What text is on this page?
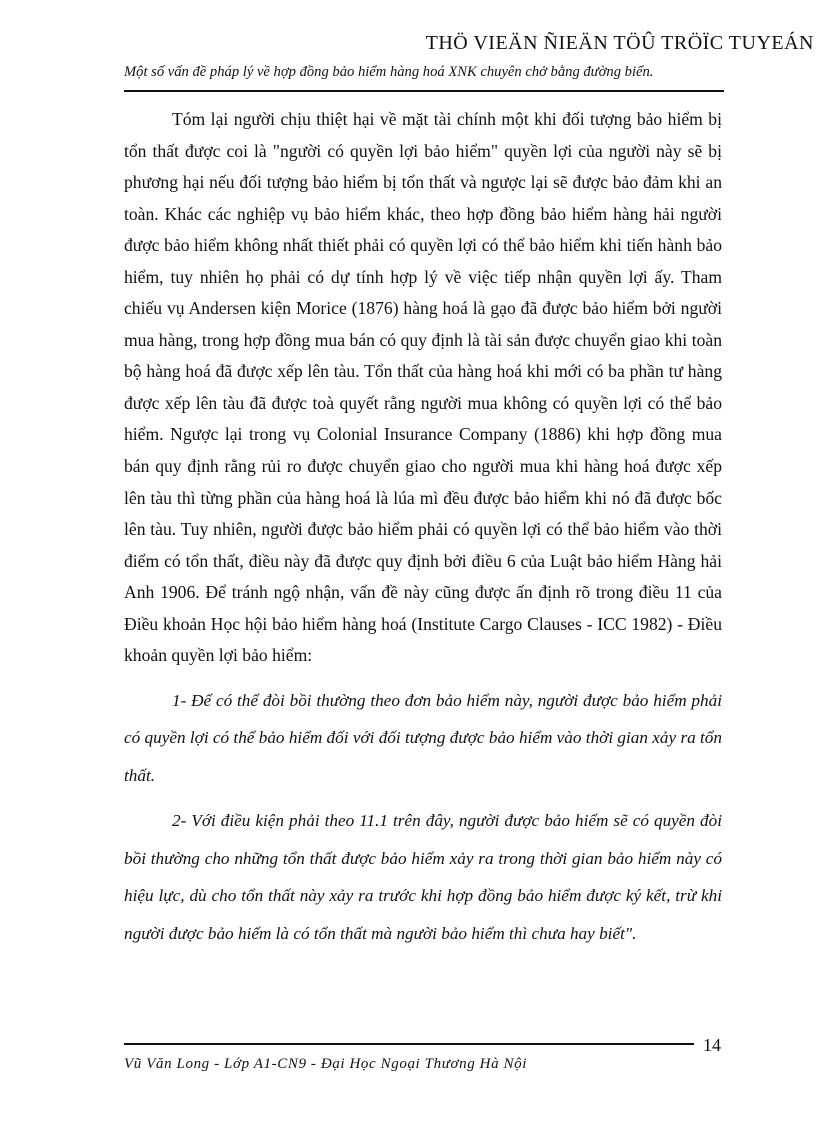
THÖ VIEÄN ÑIEÄN TÖÛ TRÖÏC TUYEÁN
Một số vấn đề pháp lý về hợp đồng bảo hiểm hàng hoá XNK chuyên chở bằng đường biển.

Tóm lại người chịu thiệt hại về mặt tài chính một khi đối tượng bảo hiểm bị tổn thất được coi là "người có quyền lợi bảo hiểm" quyền lợi của người này sẽ bị phương hại nếu đối tượng bảo hiểm bị tổn thất và ngược lại sẽ được bảo đảm khi an toàn. Khác các nghiệp vụ bảo hiểm khác, theo hợp đồng bảo hiểm hàng hải người được bảo hiểm không nhất thiết phải có quyền lợi có thể bảo hiểm khi tiến hành bảo hiểm, tuy nhiên họ phải có dự tính hợp lý về việc tiếp nhận quyền lợi ấy. Tham chiếu vụ Andersen kiện Morice (1876) hàng hoá là gạo đã được bảo hiểm bởi người mua hàng, trong hợp đồng mua bán có quy định là tài sản được chuyển giao khi toàn bộ hàng hoá đã được xếp lên tàu. Tổn thất của hàng hoá khi mới có ba phần tư hàng được xếp lên tàu đã được toà quyết rằng người mua không có quyền lợi có thể bảo hiểm. Ngược lại trong vụ Colonial Insurance Company (1886) khi hợp đồng mua bán quy định rằng rủi ro được chuyển giao cho người mua khi hàng hoá được xếp lên tàu thì từng phần của hàng hoá là lúa mì đều được bảo hiểm khi nó đã được bốc lên tàu. Tuy nhiên, người được bảo hiểm phải có quyền lợi có thể bảo hiểm vào thời điểm có tổn thất, điều này đã được quy định bởi điều 6 của Luật bảo hiểm Hàng hải Anh 1906. Để tránh ngộ nhận, vấn đề này cũng được ấn định rõ trong điều 11 của Điều khoản Học hội bảo hiểm hàng hoá (Institute Cargo Clauses - ICC 1982) - Điều khoản quyền lợi bảo hiểm:

1- Để có thể đòi bồi thường theo đơn bảo hiểm này, người được bảo hiểm phải có quyền lợi có thể bảo hiểm đối với đối tượng được bảo hiểm vào thời gian xảy ra tổn thất.

2- Với điều kiện phải theo 11.1 trên đây, người được bảo hiểm sẽ có quyền đòi bồi thường cho những tổn thất được bảo hiểm xảy ra trong thời gian bảo hiểm này có hiệu lực, dù cho tổn thất này xảy ra trước khi hợp đồng bảo hiểm được ký kết, trừ khi người được bảo hiểm là có tổn thất mà người bảo hiểm thì chưa hay biết".

14
Vũ Văn Long - Lớp A1-CN9 - Đại Học Ngoại Thương Hà Nội
